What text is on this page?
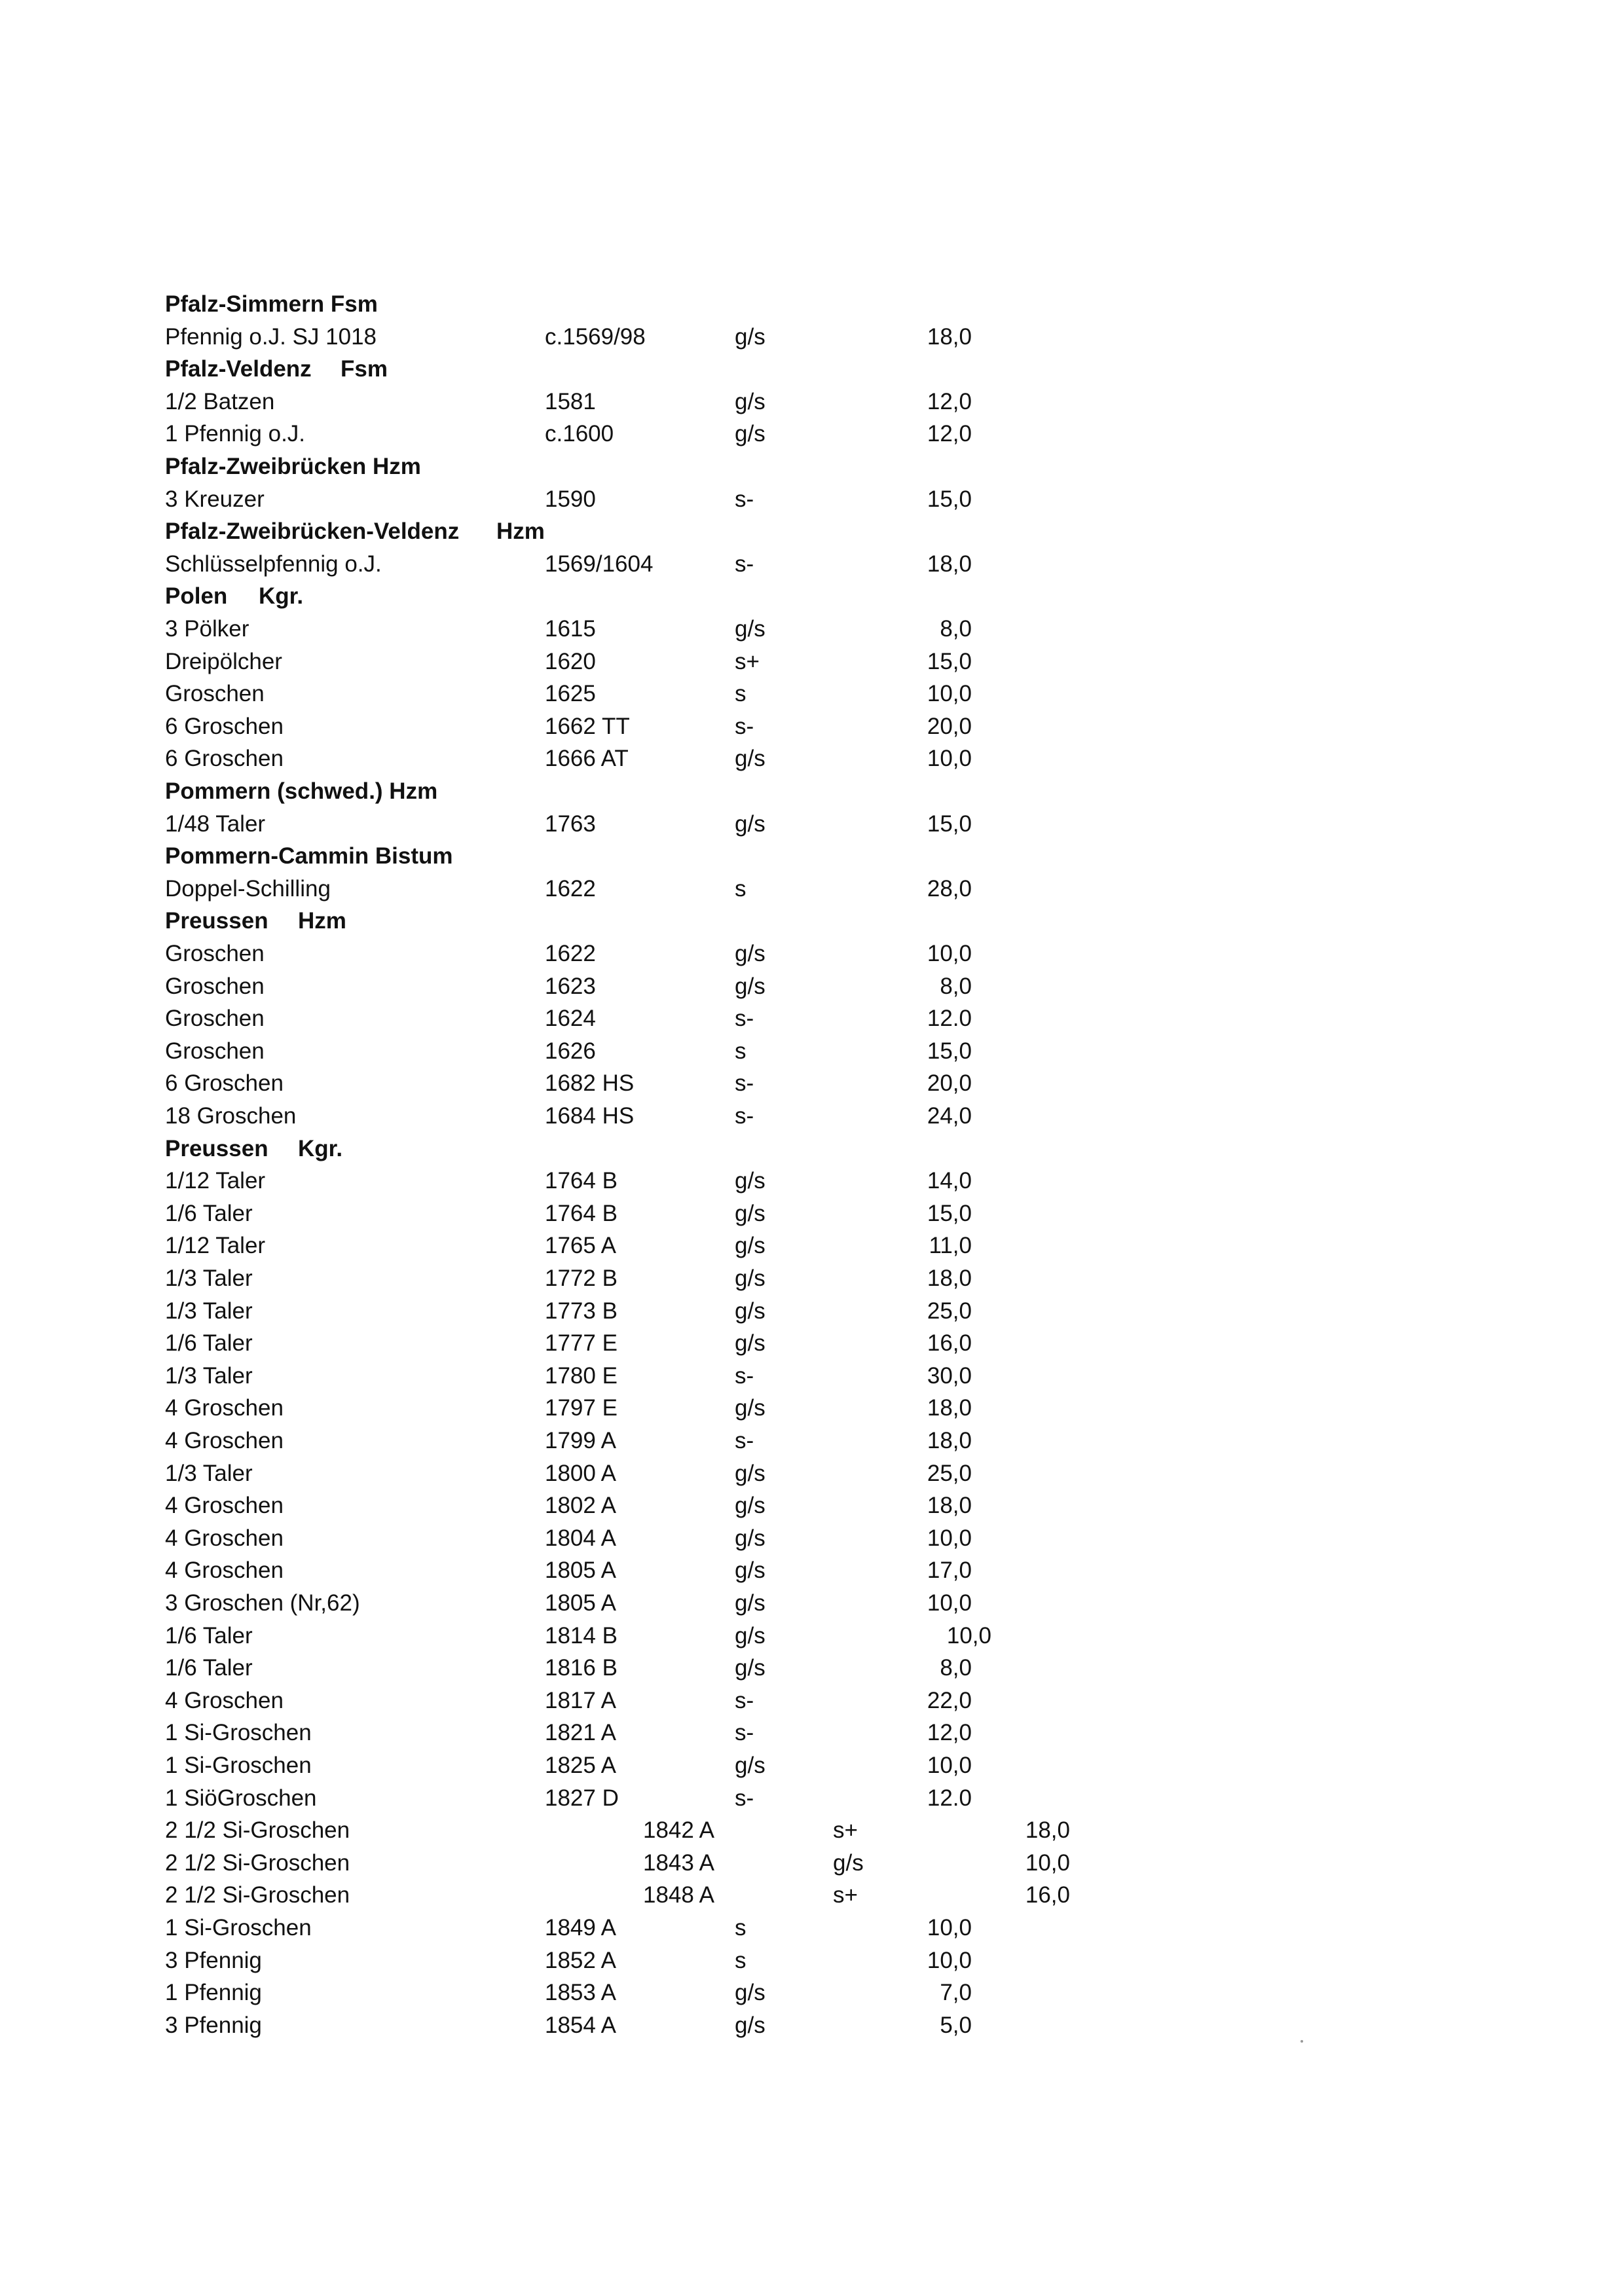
Pfalz-Simmern Fsm
Pfennig o.J. SJ 1018	c.1569/98	g/s	18,0
Pfalz-Veldenz Fsm
1/2 Batzen	1581	g/s	12,0
1 Pfennig o.J.	c.1600	g/s	12,0
Pfalz-Zweibrücken Hzm
3 Kreuzer	1590	s-	15,0
Pfalz-Zweibrücken-Veldenz Hzm
Schlüsselpfennig o.J.	1569/1604	s-	18,0
Polen Kgr.
3 Pölker	1615	g/s	8,0
Dreipölcher	1620	s+	15,0
Groschen	1625	s	10,0
6 Groschen	1662 TT	s-	20,0
6 Groschen	1666 AT	g/s	10,0
Pommern (schwed.) Hzm
1/48 Taler	1763	g/s	15,0
Pommern-Cammin Bistum
Doppel-Schilling	1622	s	28,0
Preussen Hzm
Groschen	1622	g/s	10,0
Groschen	1623	g/s	8,0
Groschen	1624	s-	12.0
Groschen	1626	s	15,0
6 Groschen	1682 HS	s-	20,0
18 Groschen	1684 HS	s-	24,0
Preussen Kgr.
1/12 Taler	1764 B	g/s	14,0
1/6 Taler	1764 B	g/s	15,0
1/12 Taler	1765 A	g/s	11,0
1/3 Taler	1772 B	g/s	18,0
1/3 Taler	1773 B	g/s	25,0
1/6 Taler	1777 E	g/s	16,0
1/3 Taler	1780 E	s-	30,0
4 Groschen	1797 E	g/s	18,0
4 Groschen	1799 A	s-	18,0
1/3 Taler	1800 A	g/s	25,0
4 Groschen	1802 A	g/s	18,0
4 Groschen	1804 A	g/s	10,0
4 Groschen	1805 A	g/s	17,0
3 Groschen (Nr,62)	1805 A	g/s	10,0
1/6 Taler	1814 B	g/s	10,0
1/6 Taler	1816 B	g/s	8,0
4 Groschen	1817 A	s-	22,0
1 Si-Groschen	1821 A	s-	12,0
1 Si-Groschen	1825 A	g/s	10,0
1 SiöGroschen	1827 D	s-	12.0
2 1/2 Si-Groschen	1842 A	s+	18,0
2 1/2 Si-Groschen	1843 A	g/s	10,0
2 1/2 Si-Groschen	1848 A	s+	16,0
1 Si-Groschen	1849 A	s	10,0
3 Pfennig	1852 A	s	10,0
1 Pfennig	1853 A	g/s	7,0
3 Pfennig	1854 A	g/s	5,0
